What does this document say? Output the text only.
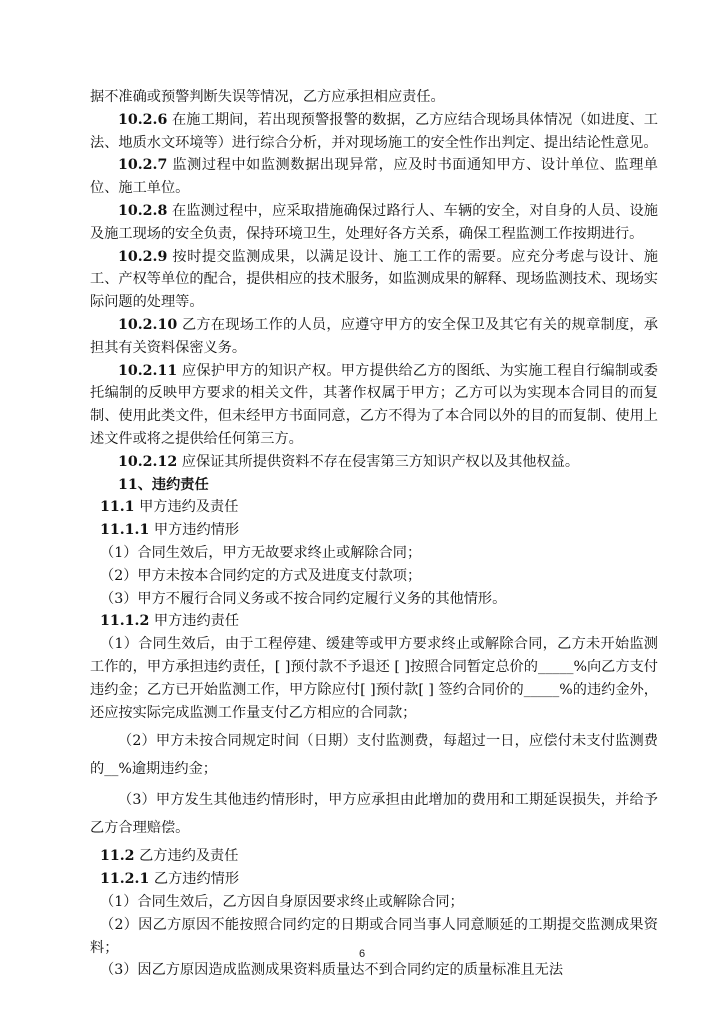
据不准确或预警判断失误等情况，乙方应承担相应责任。

10.2.6 在施工期间，若出现预警报警的数据，乙方应结合现场具体情况（如进度、工法、地质水文环境等）进行综合分析，并对现场施工的安全性作出判定、提出结论性意见。

10.2.7 监测过程中如监测数据出现异常，应及时书面通知甲方、设计单位、监理单位、施工单位。

10.2.8 在监测过程中，应采取措施确保过路行人、车辆的安全，对自身的人员、设施及施工现场的安全负责，保持环境卫生，处理好各方关系，确保工程监测工作按期进行。

10.2.9 按时提交监测成果，以满足设计、施工工作的需要。应充分考虑与设计、施工、产权等单位的配合，提供相应的技术服务，如监测成果的解释、现场监测技术、现场实际问题的处理等。

10.2.10 乙方在现场工作的人员，应遵守甲方的安全保卫及其它有关的规章制度，承担其有关资料保密义务。

10.2.11 应保护甲方的知识产权。甲方提供给乙方的图纸、为实施工程自行编制或委托编制的反映甲方要求的相关文件，其著作权属于甲方；乙方可以为实现本合同目的而复制、使用此类文件，但未经甲方书面同意，乙方不得为了本合同以外的目的而复制、使用上述文件或将之提供给任何第三方。

10.2.12 应保证其所提供资料不存在侵害第三方知识产权以及其他权益。

11、违约责任

11.1 甲方违约及责任

11.1.1 甲方违约情形

（1）合同生效后，甲方无故要求终止或解除合同；

（2）甲方未按本合同约定的方式及进度支付款项；

（3）甲方不履行合同义务或不按合同约定履行义务的其他情形。

11.1.2 甲方违约责任

（1）合同生效后，由于工程停建、缓建等或甲方要求终止或解除合同，乙方未开始监测工作的，甲方承担违约责任，[ ]预付款不予退还 [ ]按照合同暂定总价的_____%向乙方支付违约金；乙方已开始监测工作，甲方除应付[ ]预付款[ ] 签约合同价的_____%的违约金外，还应按实际完成监测工作量支付乙方相应的合同款；

（2）甲方未按合同规定时间（日期）支付监测费，每超过一日，应偿付未支付监测费的__%逾期违约金；

（3）甲方发生其他违约情形时，甲方应承担由此增加的费用和工期延误损失，并给予乙方合理赔偿。

11.2 乙方违约及责任

11.2.1 乙方违约情形

（1）合同生效后，乙方因自身原因要求终止或解除合同；

（2）因乙方原因不能按照合同约定的日期或合同当事人同意顺延的工期提交监测成果资料；

（3）因乙方原因造成监测成果资料质量达不到合同约定的质量标准且无法

6
